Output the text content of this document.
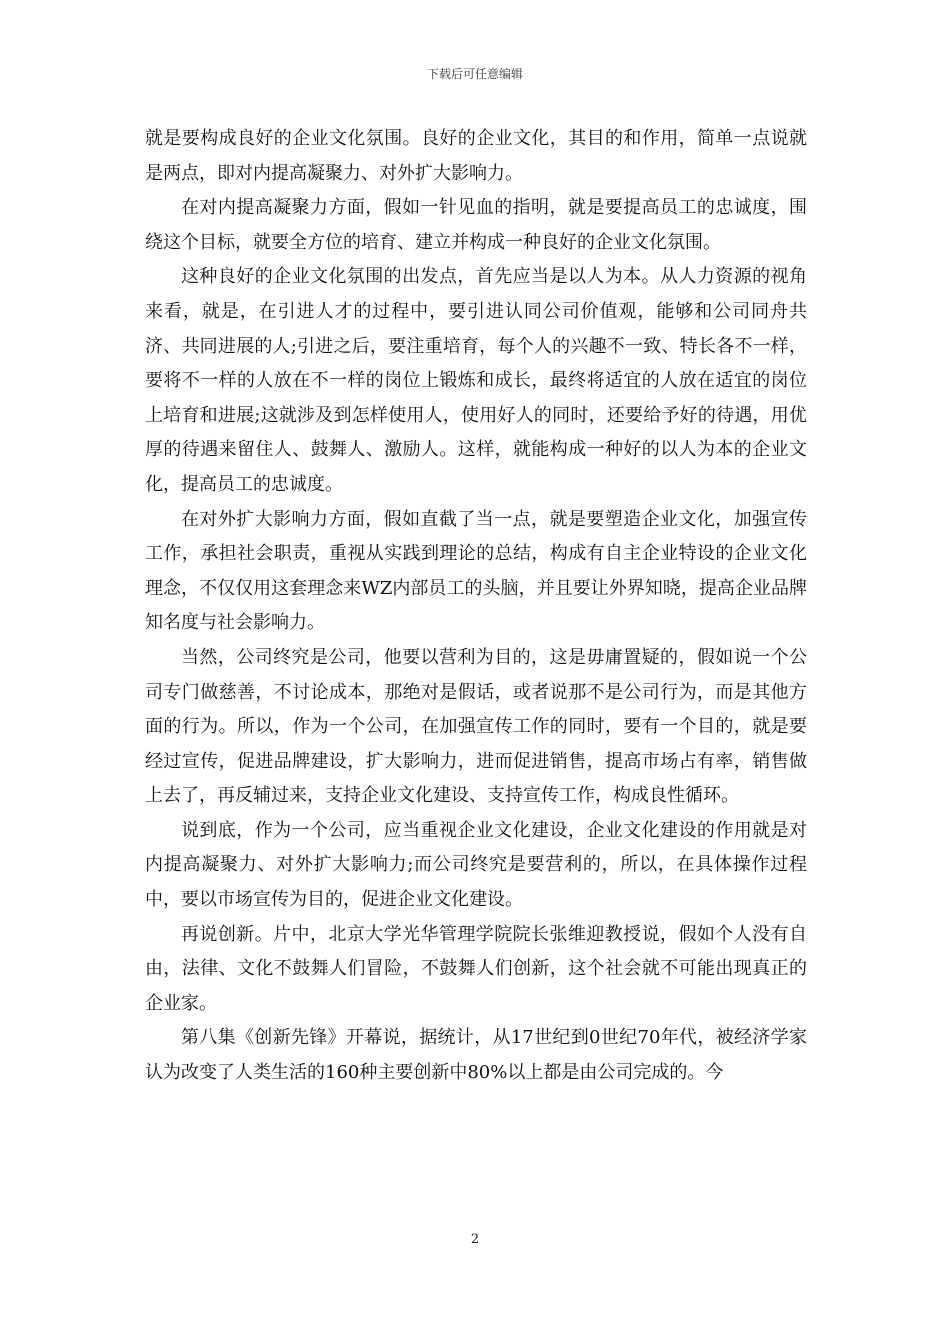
下载后可任意编辑

就是要构成良好的企业文化氛围。良好的企业文化，其目的和作用，简单一点说就是两点，即对内提高凝聚力、对外扩大影响力。

在对内提高凝聚力方面，假如一针见血的指明，就是要提高员工的忠诚度，围绕这个目标，就要全方位的培育、建立并构成一种良好的企业文化氛围。

这种良好的企业文化氛围的出发点，首先应当是以人为本。从人力资源的视角来看，就是，在引进人才的过程中，要引进认同公司价值观，能够和公司同舟共济、共同进展的人;引进之后，要注重培育，每个人的兴趣不一致、特长各不一样，要将不一样的人放在不一样的岗位上锻炼和成长，最终将适宜的人放在适宜的岗位上培育和进展;这就涉及到怎样使用人，使用好人的同时，还要给予好的待遇，用优厚的待遇来留住人、鼓舞人、激励人。这样，就能构成一种好的以人为本的企业文化，提高员工的忠诚度。

在对外扩大影响力方面，假如直截了当一点，就是要塑造企业文化，加强宣传工作，承担社会职责，重视从实践到理论的总结，构成有自主企业特设的企业文化理念，不仅仅用这套理念来WZ内部员工的头脑，并且要让外界知晓，提高企业品牌知名度与社会影响力。

当然，公司终究是公司，他要以营利为目的，这是毋庸置疑的，假如说一个公司专门做慈善，不讨论成本，那绝对是假话，或者说那不是公司行为，而是其他方面的行为。所以，作为一个公司，在加强宣传工作的同时，要有一个目的，就是要经过宣传，促进品牌建设，扩大影响力，进而促进销售，提高市场占有率，销售做上去了，再反辅过来，支持企业文化建设、支持宣传工作，构成良性循环。

说到底，作为一个公司，应当重视企业文化建设，企业文化建设的作用就是对内提高凝聚力、对外扩大影响力;而公司终究是要营利的，所以，在具体操作过程中，要以市场宣传为目的，促进企业文化建设。

再说创新。片中，北京大学光华管理学院院长张维迎教授说，假如个人没有自由，法律、文化不鼓舞人们冒险，不鼓舞人们创新，这个社会就不可能出现真正的企业家。

第八集《创新先锋》开幕说，据统计，从17世纪到0世纪70年代，被经济学家认为改变了人类生活的160种主要创新中80%以上都是由公司完成的。今

2
